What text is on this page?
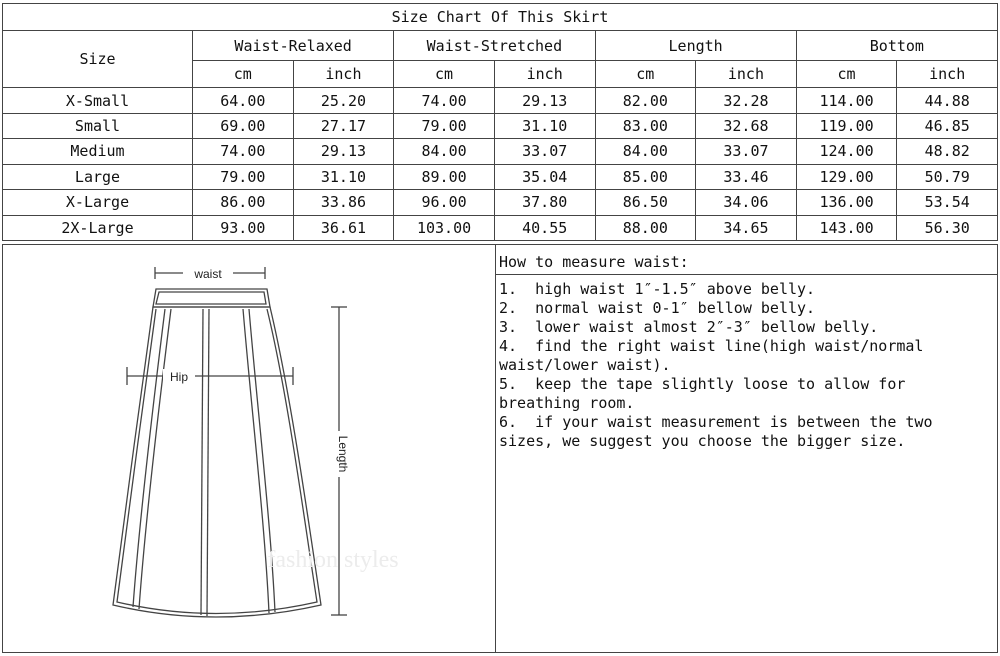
Size Chart Of This Skirt								
Size	Waist-Relaxed		Waist-Stretched		Length		Bottom	
	cm	inch	cm	inch	cm	inch	cm	inch
X-Small	64.00	25.20	74.00	29.13	82.00	32.28	114.00	44.88
Small	69.00	27.17	79.00	31.10	83.00	32.68	119.00	46.85
Medium	74.00	29.13	84.00	33.07	84.00	33.07	124.00	48.82
Large	79.00	31.10	89.00	35.04	85.00	33.46	129.00	50.79
X-Large	86.00	33.86	96.00	37.80	86.50	34.06	136.00	53.54
2X-Large	93.00	36.61	103.00	40.55	88.00	34.65	143.00	56.30
waist
Hip
Length
fashion styles
How to measure waist:
1.  high waist 1″-1.5″ above belly.
2.  normal waist 0-1″ bellow belly.
3.  lower waist almost 2″-3″ bellow belly.
4.  find the right waist line(high waist/normal waist/lower waist).
5.  keep the tape slightly loose to allow for breathing room.
6.  if your waist measurement is between the two sizes, we suggest you choose the bigger size.
